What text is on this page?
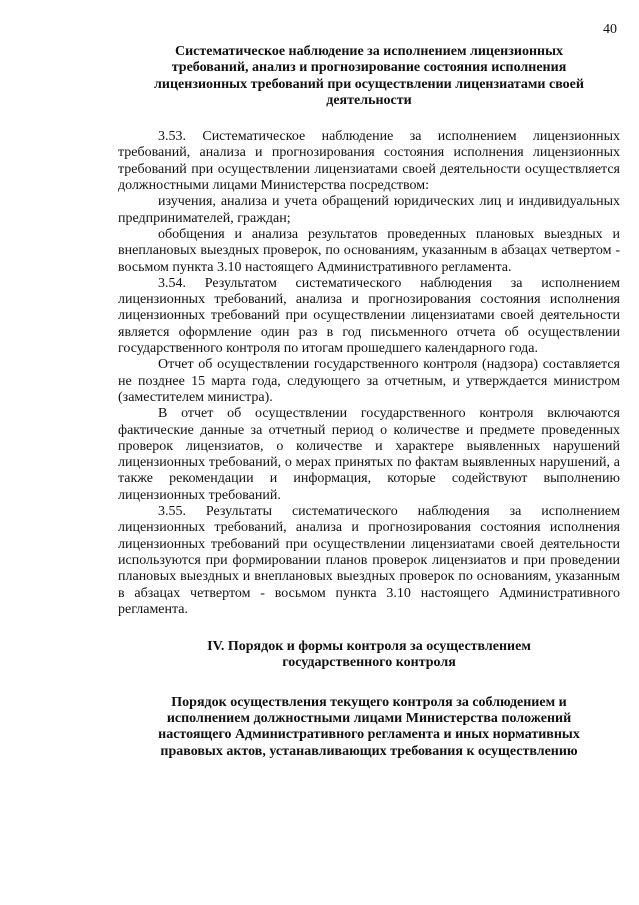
40
Систематическое наблюдение за исполнением лицензионных требований, анализ и прогнозирование состояния исполнения лицензионных требований при осуществлении лицензиатами своей деятельности

3.53. Систематическое наблюдение за исполнением лицензионных требований, анализа и прогнозирования состояния исполнения лицензионных требований при осуществлении лицензиатами своей деятельности осуществляется должностными лицами Министерства посредством:

изучения, анализа и учета обращений юридических лиц и индивидуальных предпринимателей, граждан;

обобщения и анализа результатов проведенных плановых выездных и внеплановых выездных проверок, по основаниям, указанным в абзацах четвертом - восьмом пункта 3.10 настоящего Административного регламента.

3.54. Результатом систематического наблюдения за исполнением лицензионных требований, анализа и прогнозирования состояния исполнения лицензионных требований при осуществлении лицензиатами своей деятельности является оформление один раз в год письменного отчета об осуществлении государственного контроля по итогам прошедшего календарного года.

Отчет об осуществлении государственного контроля (надзора) составляется не позднее 15 марта года, следующего за отчетным, и утверждается министром (заместителем министра).

В отчет об осуществлении государственного контроля включаются фактические данные за отчетный период о количестве и предмете проведенных проверок лицензиатов, о количестве и характере выявленных нарушений лицензионных требований, о мерах принятых по фактам выявленных нарушений, а также рекомендации и информация, которые содействуют выполнению лицензионных требований.

3.55. Результаты систематического наблюдения за исполнением лицензионных требований, анализа и прогнозирования состояния исполнения лицензионных требований при осуществлении лицензиатами своей деятельности используются при формировании планов проверок лицензиатов и при проведении плановых выездных и внеплановых выездных проверок по основаниям, указанным в абзацах четвертом - восьмом пункта 3.10 настоящего Административного регламента.

IV. Порядок и формы контроля за осуществлением государственного контроля
Порядок осуществления текущего контроля за соблюдением и исполнением должностными лицами Министерства положений настоящего Административного регламента и иных нормативных правовых актов, устанавливающих требования к осуществлению
